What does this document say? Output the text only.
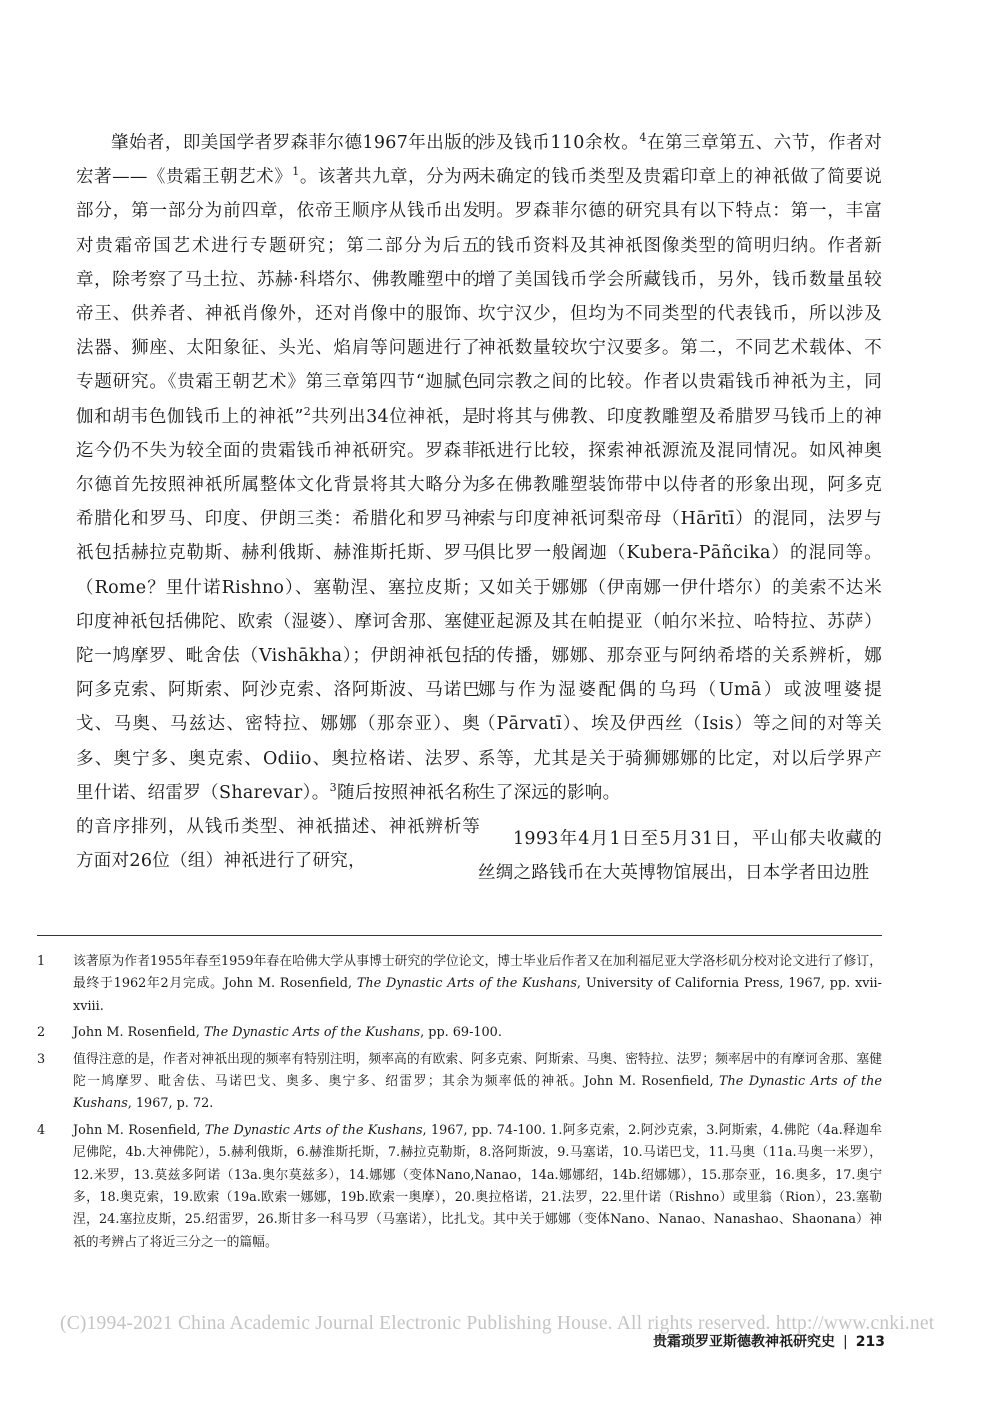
肇始者，即美国学者罗森菲尔德1967年出版的宏著——《贵霜王朝艺术》$^1$。该著共九章，分为两部分，第一部分为前四章，依帝王顺序从钱币出发对贵霜帝国艺术进行专题研究；第二部分为后五章，除考察了马土拉、苏赫·科塔尔、佛教雕塑中的帝王、供养者、神祇肖像外，还对肖像中的服饰、法器、狮座、太阳象征、头光、焰肩等问题进行了专题研究。《贵霜王朝艺术》第三章第四节“迦腻色伽和胡韦色伽钱币上的神祇”$^2$共列出34位神祇，是迄今仍不失为较全面的贵霜钱币神祇研究。罗森菲尔德首先按照神祇所属整体文化背景将其大略分为希腊化和罗马、印度、伊朗三类：希腊化和罗马神祇包括赫拉克勒斯、赫利俄斯、赫淮斯托斯、罗马（Rome？里什诺Rishno）、塞勒涅、塞拉皮斯；印度神祇包括佛陀、欧索（湿婆）、摩诃舍那、塞健陀一鸠摩罗、毗舍佉（Vishākha）；伊朗神祇包括阿多克索、阿斯索、阿沙克索、洛阿斯波、马诺巴戈、马奥、马兹达、密特拉、娜娜（那奈亚）、奥多、奥宁多、奥克索、Odiio、奥拉格诺、法罗、里什诺、绍雷罗（Sharevar）。$^3$随后按照神祇名称的音序排列，从钱币类型、神祇描述、神祇辨析等方面对26位（组）神祇进行了研究，

涉及钱币110余枚。$^4$在第三章第五、六节，作者对未确定的钱币类型及贵霜印章上的神祇做了简要说明。罗森菲尔德的研究具有以下特点：第一，丰富的钱币资料及其神祇图像类型的简明归纳。作者新增了美国钱币学会所藏钱币，另外，钱币数量虽较坎宁汉少，但均为不同类型的代表钱币，所以涉及神祇数量较坎宁汉要多。第二，不同艺术载体、不同宗教之间的比较。作者以贵霜钱币神祇为主，同时将其与佛教、印度教雕塑及希腊罗马钱币上的神祇进行比较，探索神祇源流及混同情况。如风神奥多在佛教雕塑装饰带中以侍者的形象出现，阿多克索与印度神祇诃梨帝母（Hārītī）的混同，法罗与俱比罗一般阇迦（Kubera-Pāñcika）的混同等。又如关于娜娜（伊南娜一伊什塔尔）的美索不达米亚起源及其在帕提亚（帕尔米拉、哈特拉、苏萨）的传播，娜娜、那奈亚与阿纳希塔的关系辨析，娜娜与作为湿婆配偶的乌玛（Umā）或波哩婆提（Pārvatī）、埃及伊西丝（Isis）等之间的对等关系等，尤其是关于骑狮娜娜的比定，对以后学界产生了深远的影响。

1993年4月1日至5月31日，平山郁夫收藏的丝绸之路钱币在大英博物馆展出，日本学者田边胜

1 该著原为作者1955年春至1959年春在哈佛大学从事博士研究的学位论文，博士毕业后作者又在加利福尼亚大学洛杉矶分校对论文进行了修订，最终于1962年2月完成。John M. Rosenfield, The Dynastic Arts of the Kushans, University of California Press, 1967, pp. xvii-xviii.

2 John M. Rosenfield, The Dynastic Arts of the Kushans, pp. 69-100.

3 值得注意的是，作者对神祇出现的频率有特别注明，频率高的有欧索、阿多克索、阿斯索、马奥、密特拉、法罗；频率居中的有摩诃舍那、塞健陀一鸠摩罗、毗舍佉、马诺巴戈、奥多、奥宁多、绍雷罗；其余为频率低的神祇。John M. Rosenfield, The Dynastic Arts of the Kushans, 1967, p. 72.

4 John M. Rosenfield, The Dynastic Arts of the Kushans, 1967, pp. 74-100. 1.阿多克索，2.阿沙克索，3.阿斯索，4.佛陀（4a.释迦牟尼佛陀，4b.大神佛陀），5.赫利俄斯，6.赫淮斯托斯，7.赫拉克勒斯，8.洛阿斯波，9.马塞诺，10.马诺巴戈，11.马奥（11a.马奥一米罗），12.米罗，13.莫兹多阿诺（13a.奥尔莫兹多），14.娜娜（变体Nano,Nanao，14a.娜娜绍，14b.绍娜娜），15.那奈亚，16.奥多，17.奥宁多，18.奥克索，19.欧索（19a.欧索一娜娜，19b.欧索一奥摩），20.奥拉格诺，21.法罗，22.里什诺（Rishno）或里翁（Rion），23.塞勒涅，24.塞拉皮斯，25.绍雷罗，26.斯甘多一科马罗（马塞诺），比扎戈。其中关于娜娜（变体Nano、Nanao、Nanashao、Shaonana）神祇的考辨占了将近三分之一的篇幅。

(C)1994-2021 China Academic Journal Electronic Publishing House. All rights reserved. http://www.cnki.net
贵霜琐罗亚斯德教神祇研究史 | 213
